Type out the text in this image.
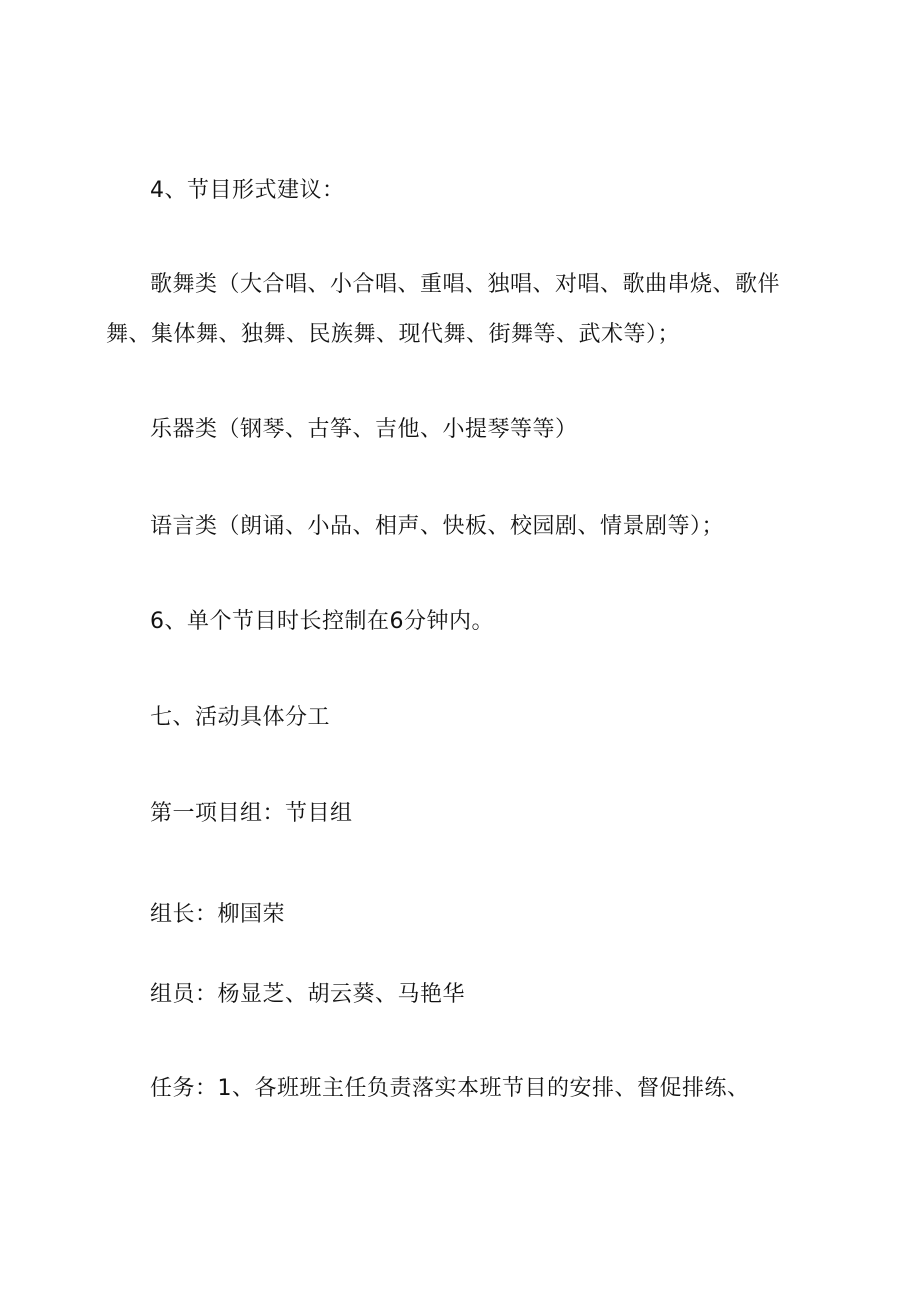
4、节目形式建议：
歌舞类（大合唱、小合唱、重唱、独唱、对唱、歌曲串烧、歌伴
舞、集体舞、独舞、民族舞、现代舞、街舞等、武术等）；
乐器类（钢琴、古筝、吉他、小提琴等等）
语言类（朗诵、小品、相声、快板、校园剧、情景剧等）；
6、单个节目时长控制在6分钟内。
七、活动具体分工
第一项目组：节目组
组长：柳国荣
组员：杨显芝、胡云葵、马艳华
任务：1、各班班主任负责落实本班节目的安排、督促排练、
